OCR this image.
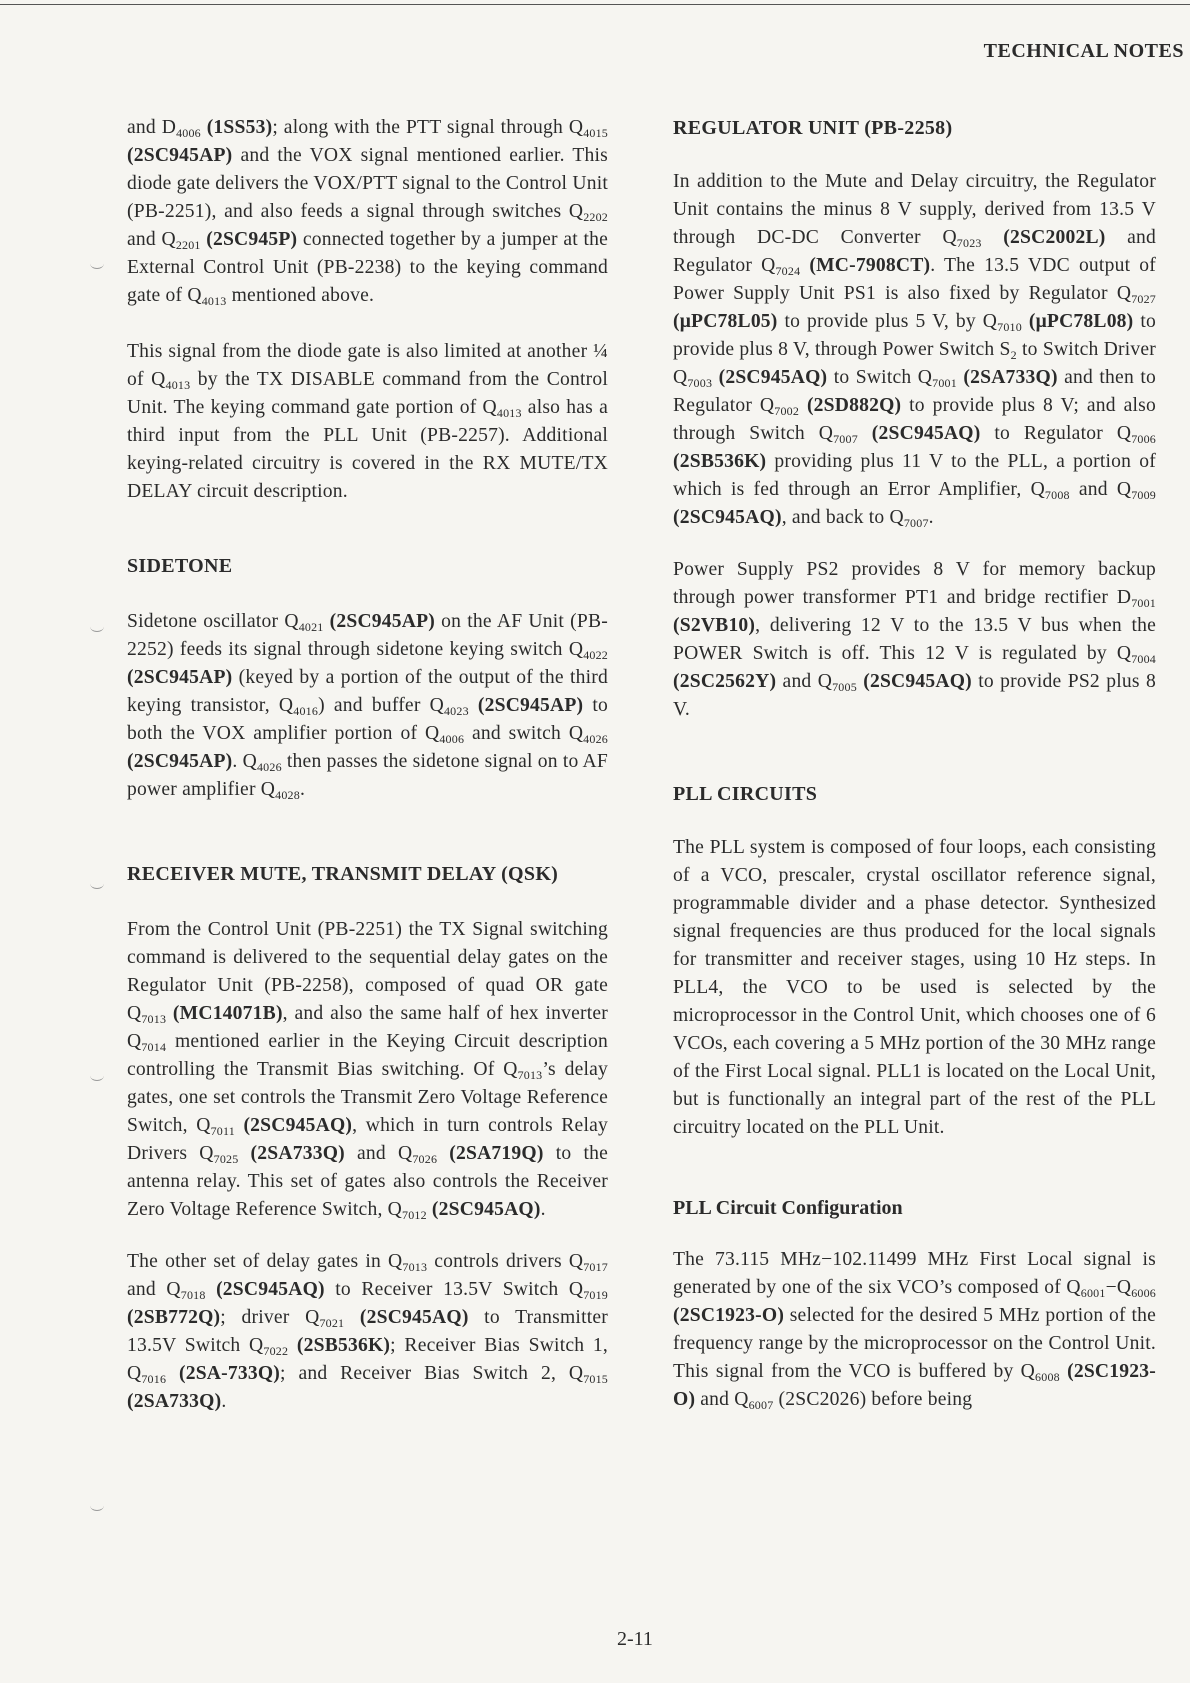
TECHNICAL NOTES

and $D_{4006}$ (1SS53); along with the PTT signal through $Q_{4015}$ (2SC945AP) and the VOX signal mentioned earlier. This diode gate delivers the VOX/PTT signal to the Control Unit (PB-2251), and also feeds a signal through switches $Q_{2202}$ and $Q_{2201}$ (2SC945P) connected together by a jumper at the External Control Unit (PB-2238) to the keying command gate of $Q_{4013}$ mentioned above.

This signal from the diode gate is also limited at another ¼ of $Q_{4013}$ by the TX DISABLE command from the Control Unit. The keying command gate portion of $Q_{4013}$ also has a third input from the PLL Unit (PB-2257). Additional keying-related circuitry is covered in the RX MUTE/TX DELAY circuit description.

SIDETONE

Sidetone oscillator $Q_{4021}$ (2SC945AP) on the AF Unit (PB-2252) feeds its signal through sidetone keying switch $Q_{4022}$ (2SC945AP) (keyed by a portion of the output of the third keying transistor, $Q_{4016}$) and buffer $Q_{4023}$ (2SC945AP) to both the VOX amplifier portion of $Q_{4006}$ and switch $Q_{4026}$ (2SC945AP). $Q_{4026}$ then passes the sidetone signal on to AF power amplifier $Q_{4028}$.

RECEIVER MUTE, TRANSMIT DELAY (QSK)

From the Control Unit (PB-2251) the TX Signal switching command is delivered to the sequential delay gates on the Regulator Unit (PB-2258), composed of quad OR gate $Q_{7013}$ (MC14071B), and also the same half of hex inverter $Q_{7014}$ mentioned earlier in the Keying Circuit description controlling the Transmit Bias switching. Of $Q_{7013}’s$ delay gates, one set controls the Transmit Zero Voltage Reference Switch, $Q_{7011}$ (2SC945AQ), which in turn controls Relay Drivers $Q_{7025}$ (2SA733Q) and $Q_{7026}$ (2SA719Q) to the antenna relay. This set of gates also controls the Receiver Zero Voltage Reference Switch, $Q_{7012}$ (2SC945AQ).

The other set of delay gates in $Q_{7013}$ controls drivers $Q_{7017}$ and $Q_{7018}$ (2SC945AQ) to Receiver 13.5V Switch $Q_{7019}$ (2SB772Q); driver $Q_{7021}$ (2SC945AQ) to Transmitter 13.5V Switch $Q_{7022}$ (2SB536K); Receiver Bias Switch 1, $Q_{7016}$ (2SA-733Q); and Receiver Bias Switch 2, $Q_{7015}$ (2SA733Q).

REGULATOR UNIT (PB-2258)

In addition to the Mute and Delay circuitry, the Regulator Unit contains the minus 8 V supply, derived from 13.5 V through DC-DC Converter $Q_{7023}$ (2SC2002L) and Regulator $Q_{7024}$ (MC-7908CT). The 13.5 VDC output of Power Supply Unit PS1 is also fixed by Regulator $Q_{7027}$ (μPC78L05) to provide plus 5 V, by $Q_{7010}$ (μPC78L08) to provide plus 8 V, through Power Switch $S_2$ to Switch Driver $Q_{7003}$ (2SC945AQ) to Switch $Q_{7001}$ (2SA733Q) and then to Regulator $Q_{7002}$ (2SD882Q) to provide plus 8 V; and also through Switch $Q_{7007}$ (2SC945AQ) to Regulator $Q_{7006}$ (2SB536K) providing plus 11 V to the PLL, a portion of which is fed through an Error Amplifier, $Q_{7008}$ and $Q_{7009}$ (2SC945AQ), and back to $Q_{7007}$.

Power Supply PS2 provides 8 V for memory backup through power transformer PT1 and bridge rectifier $D_{7001}$ (S2VB10), delivering 12 V to the 13.5 V bus when the POWER Switch is off. This 12 V is regulated by $Q_{7004}$ (2SC2562Y) and $Q_{7005}$ (2SC945AQ) to provide PS2 plus 8 V.

PLL CIRCUITS

The PLL system is composed of four loops, each consisting of a VCO, prescaler, crystal oscillator reference signal, programmable divider and a phase detector. Synthesized signal frequencies are thus produced for the local signals for transmitter and receiver stages, using 10 Hz steps. In PLL4, the VCO to be used is selected by the microprocessor in the Control Unit, which chooses one of 6 VCOs, each covering a 5 MHz portion of the 30 MHz range of the First Local signal. PLL1 is located on the Local Unit, but is functionally an integral part of the rest of the PLL circuitry located on the PLL Unit.

PLL Circuit Configuration

The 73.115 MHz−102.11499 MHz First Local signal is generated by one of the six VCO’s composed of $Q_{6001}-Q_{6006}$ (2SC1923-O) selected for the desired 5 MHz portion of the frequency range by the microprocessor on the Control Unit. This signal from the VCO is buffered by $Q_{6008}$ (2SC1923-O) and $Q_{6007}$ (2SC2026) before being

2-11
